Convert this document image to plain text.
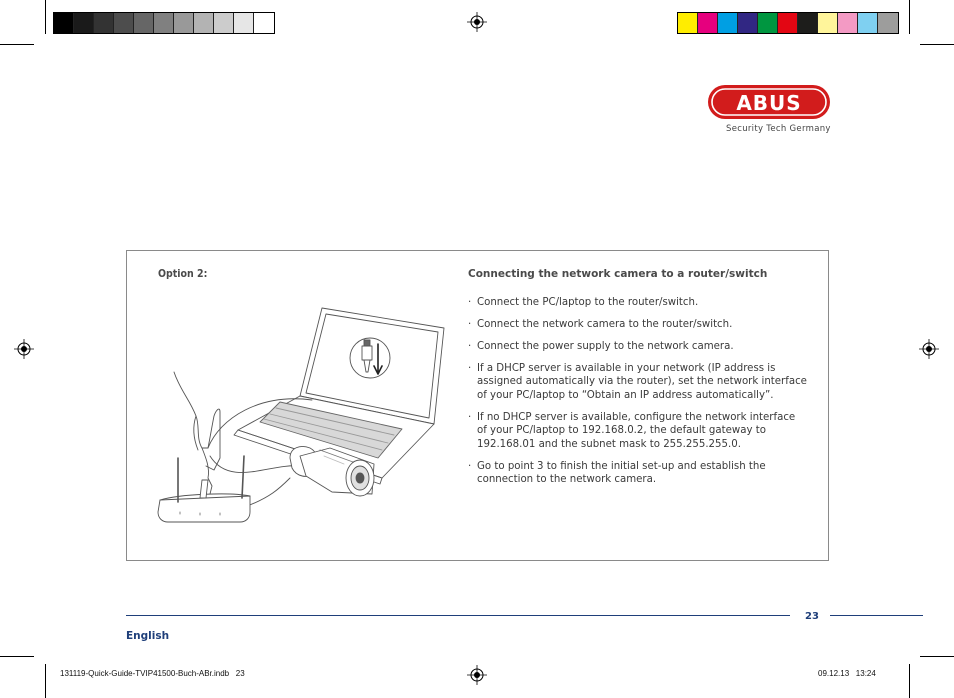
ABUS
Security Tech Germany
Option 2:	Connecting the network camera to a router/switch
· Connect the PC/laptop to the router/switch.
· Connect the network camera to the router/switch.
· Connect the power supply to the network camera.
· If a DHCP server is available in your network (IP address is assigned automatically via the router), set the network interface of your PC/laptop to “Obtain an IP address automatically”.
· If no DHCP server is available, configure the network interface of your PC/laptop to 192.168.0.2, the default gateway to 192.168.01 and the subnet mask to 255.255.255.0.
· Go to point 3 to finish the initial set-up and establish the connection to the network camera.
23
English
131119-Quick-Guide-TVIP41500-Buch-ABr.indb   23	09.12.13   13:24
